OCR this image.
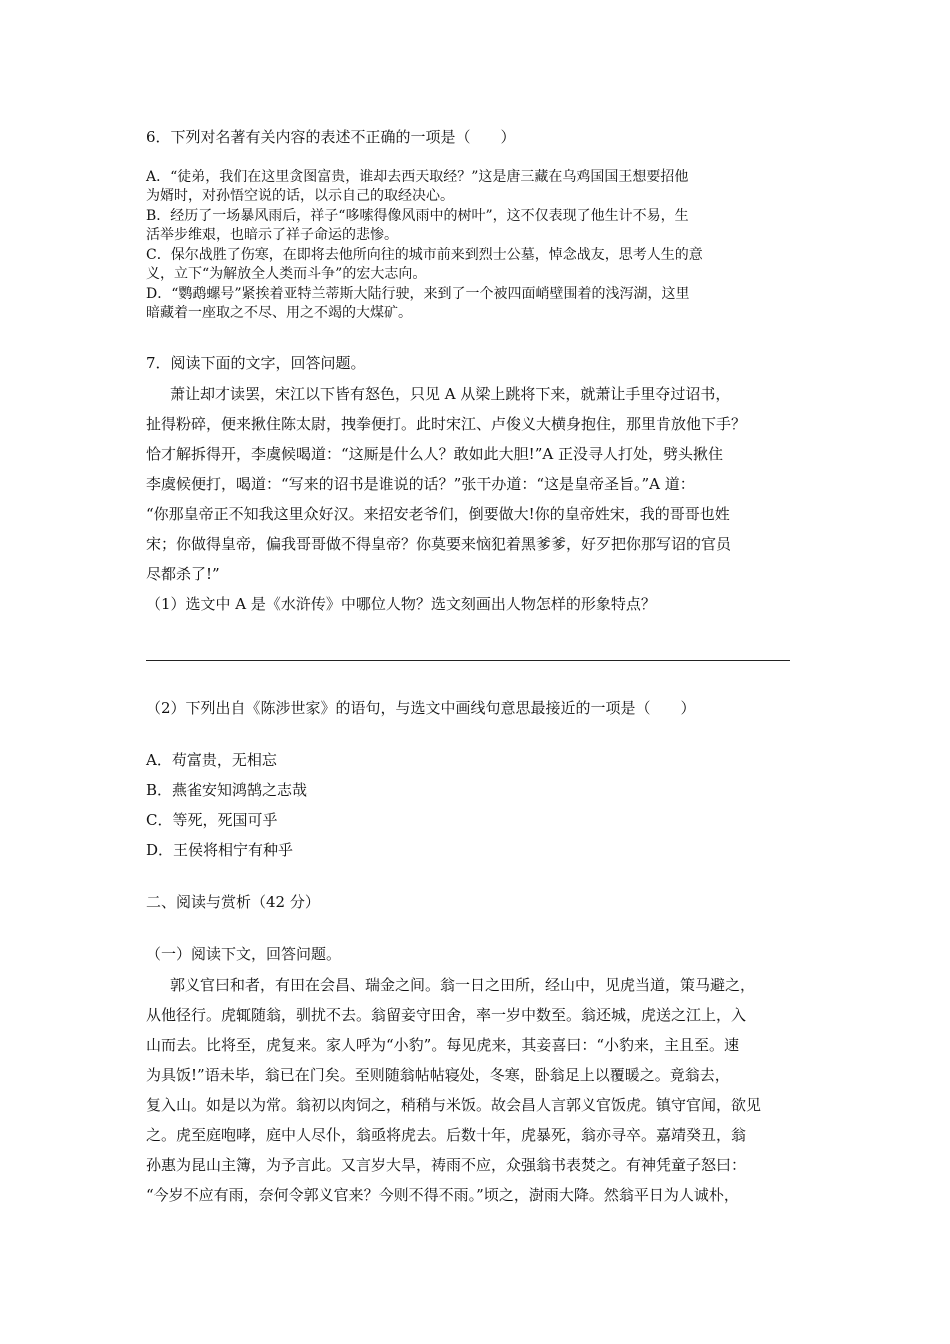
6．下列对名著有关内容的表述不正确的一项是（　　）
A．“徒弟，我们在这里贪图富贵，谁却去西天取经？”这是唐三藏在乌鸡国国王想要招他
为婿时，对孙悟空说的话，以示自己的取经决心。
B．经历了一场暴风雨后，祥子“哆嗦得像风雨中的树叶”，这不仅表现了他生计不易，生
活举步维艰，也暗示了祥子命运的悲惨。
C．保尔战胜了伤寒，在即将去他所向往的城市前来到烈士公墓，悼念战友，思考人生的意
义，立下“为解放全人类而斗争”的宏大志向。
D．“鹦鹉螺号”紧挨着亚特兰蒂斯大陆行驶，来到了一个被四面峭壁围着的浅泻湖，这里
暗藏着一座取之不尽、用之不竭的大煤矿。
7．阅读下面的文字，回答问题。
萧让却才读罢，宋江以下皆有怒色，只见 A 从梁上跳将下来，就萧让手里夺过诏书，
扯得粉碎，便来揪住陈太尉，拽拳便打。此时宋江、卢俊义大横身抱住，那里肯放他下手？
恰才解拆得开，李虞候喝道：“这厮是什么人？敢如此大胆!”A 正没寻人打处，劈头揪住
李虞候便打，喝道：“写来的诏书是谁说的话？”张干办道：“这是皇帝圣旨。”A 道：
“你那皇帝正不知我这里众好汉。来招安老爷们，倒要做大!你的皇帝姓宋，我的哥哥也姓
宋；你做得皇帝，偏我哥哥做不得皇帝？你莫要来恼犯着黑爹爹，好歹把你那写诏的官员
尽都杀了!”
（1）选文中 A 是《水浒传》中哪位人物？选文刻画出人物怎样的形象特点？
（2）下列出自《陈涉世家》的语句，与选文中画线句意思最接近的一项是（　　）
A．苟富贵，无相忘
B．燕雀安知鸿鹄之志哉
C．等死，死国可乎
D．王侯将相宁有种乎
二、阅读与赏析（42 分）
（一）阅读下文，回答问题。
郭义官曰和者，有田在会昌、瑞金之间。翁一日之田所，经山中，见虎当道，策马避之，
从他径行。虎辄随翁，驯扰不去。翁留妾守田舍，率一岁中数至。翁还城，虎送之江上，入
山而去。比将至，虎复来。家人呼为“小豹”。每见虎来，其妾喜曰：“小豹来，主且至。速
为具饭!”语未毕，翁已在门矣。至则随翁帖帖寝处，冬寒，卧翁足上以覆暖之。竟翁去，
复入山。如是以为常。翁初以肉饲之，稍稍与米饭。故会昌人言郭义官饭虎。镇守官闻，欲见
之。虎至庭咆哮，庭中人尽仆，翁亟将虎去。后数十年，虎暴死，翁亦寻卒。嘉靖癸丑，翁
孙惠为昆山主簿，为予言此。又言岁大旱，祷雨不应，众强翁书表焚之。有神凭童子怒曰：
“今岁不应有雨，奈何令郭义官来？今则不得不雨。”顷之，澍雨大降。然翁平日为人诚朴，
